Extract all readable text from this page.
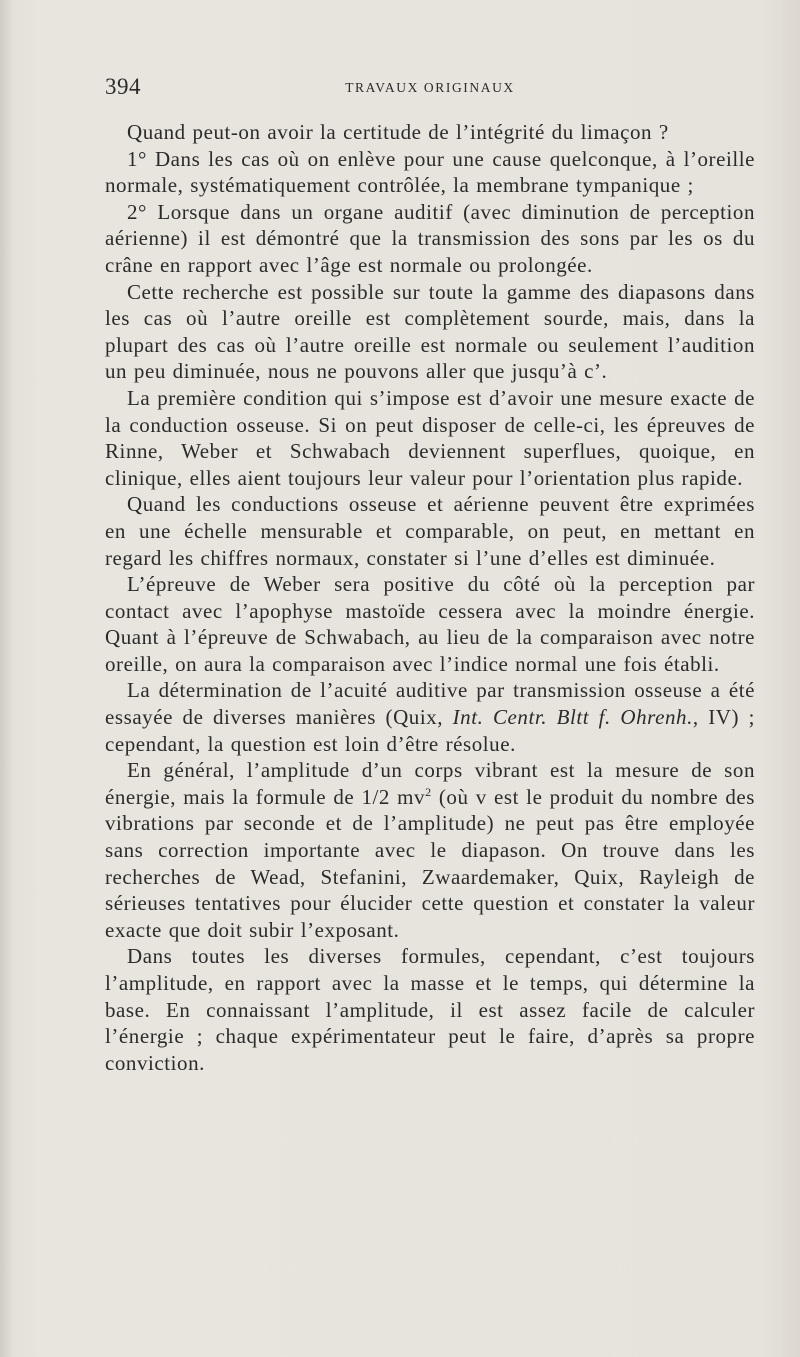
394	TRAVAUX ORIGINAUX

Quand peut-on avoir la certitude de l’intégrité du limaçon ?

1° Dans les cas où on enlève pour une cause quelconque, à l’oreille normale, systématiquement contrôlée, la membrane tympanique ;

2° Lorsque dans un organe auditif (avec diminution de perception aérienne) il est démontré que la transmission des sons par les os du crâne en rapport avec l’âge est normale ou prolongée.

Cette recherche est possible sur toute la gamme des diapasons dans les cas où l’autre oreille est complètement sourde, mais, dans la plupart des cas où l’autre oreille est normale ou seulement l’audition un peu diminuée, nous ne pouvons aller que jusqu’à c’.

La première condition qui s’impose est d’avoir une mesure exacte de la conduction osseuse. Si on peut disposer de celle-ci, les épreuves de Rinne, Weber et Schwabach deviennent superflues, quoique, en clinique, elles aient toujours leur valeur pour l’orientation plus rapide.

Quand les conductions osseuse et aérienne peuvent être exprimées en une échelle mensurable et comparable, on peut, en mettant en regard les chiffres normaux, constater si l’une d’elles est diminuée.

L’épreuve de Weber sera positive du côté où la perception par contact avec l’apophyse mastoïde cessera avec la moindre énergie. Quant à l’épreuve de Schwabach, au lieu de la comparaison avec notre oreille, on aura la comparaison avec l’indice normal une fois établi.

La détermination de l’acuité auditive par transmission osseuse a été essayée de diverses manières (Quix, Int. Centr. Bltt f. Ohrenh., IV) ; cependant, la question est loin d’être résolue.

En général, l’amplitude d’un corps vibrant est la mesure de son énergie, mais la formule de 1/2 $mv^2$ (où v est le produit du nombre des vibrations par seconde et de l’amplitude) ne peut pas être employée sans correction importante avec le diapason. On trouve dans les recherches de Wead, Stefanini, Zwaardemaker, Quix, Rayleigh de sérieuses tentatives pour élucider cette question et constater la valeur exacte que doit subir l’exposant.

Dans toutes les diverses formules, cependant, c’est toujours l’amplitude, en rapport avec la masse et le temps, qui détermine la base. En connaissant l’amplitude, il est assez facile de calculer l’énergie ; chaque expérimentateur peut le faire, d’après sa propre conviction.
